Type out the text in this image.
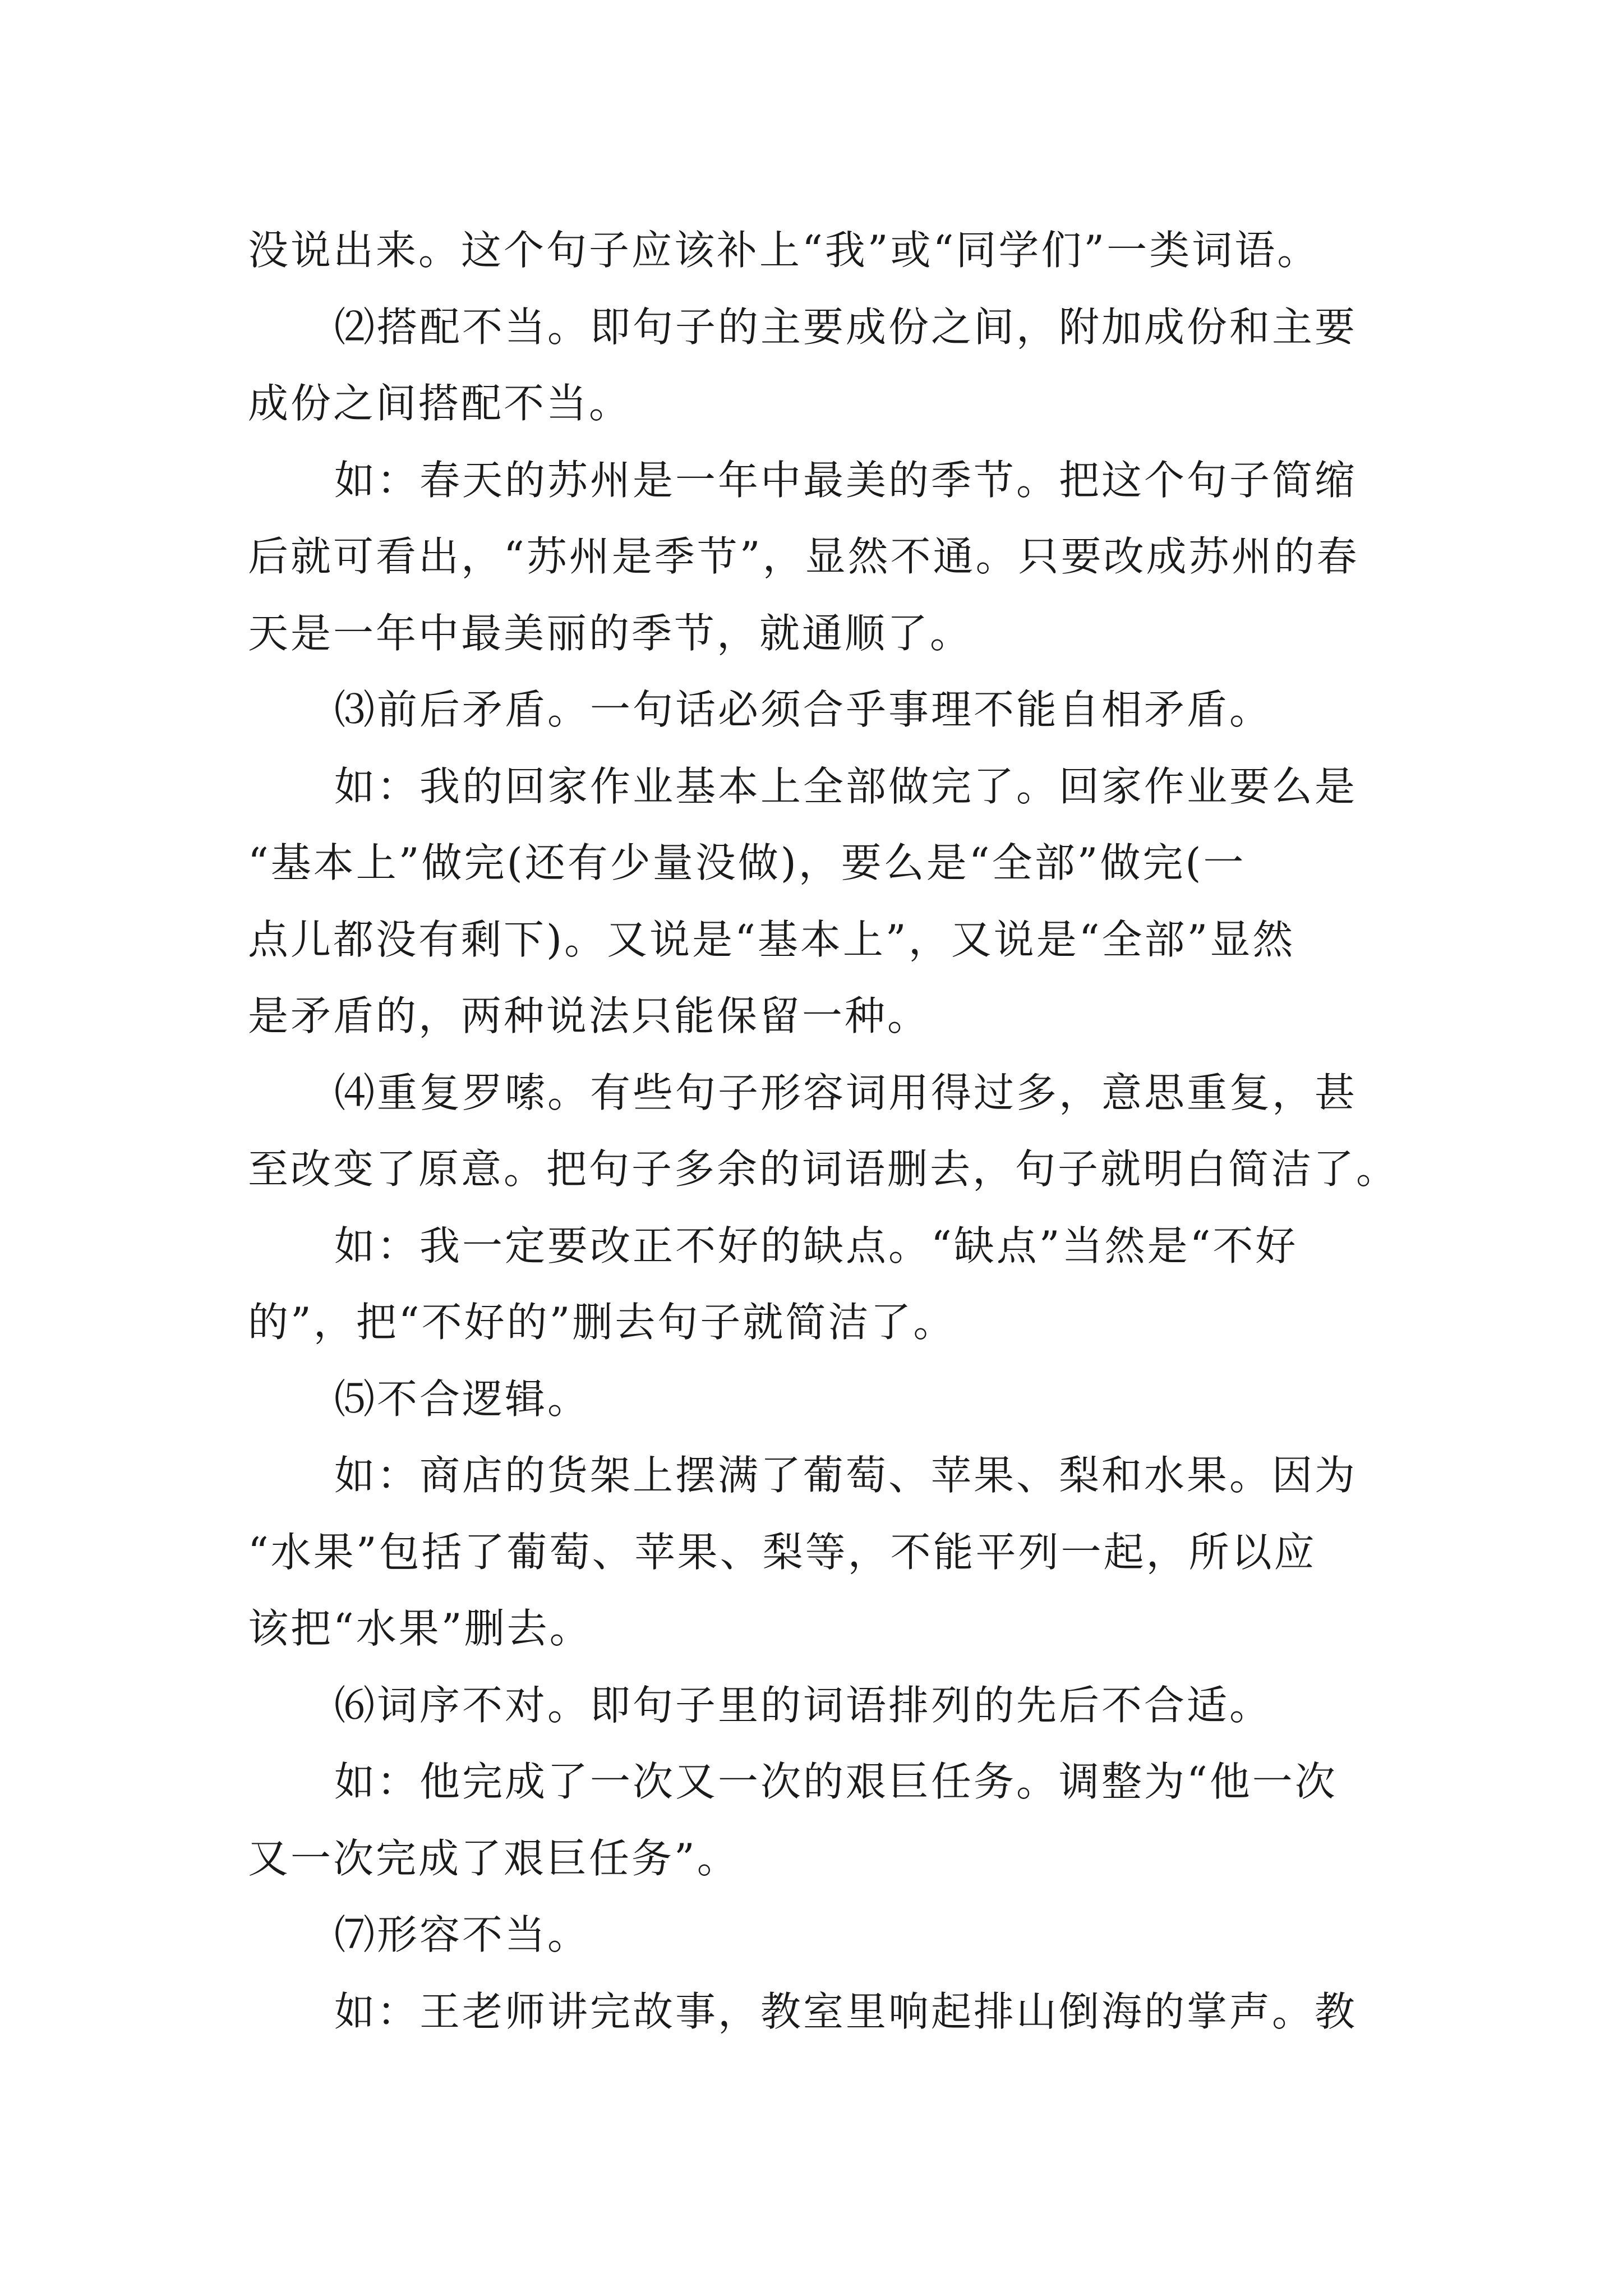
没说出来。这个句子应该补上“我”或“同学们”一类词语。
⑵搭配不当。即句子的主要成份之间，附加成份和主要
成份之间搭配不当。
如：春天的苏州是一年中最美的季节。把这个句子简缩
后就可看出，“苏州是季节”，显然不通。只要改成苏州的春
天是一年中最美丽的季节，就通顺了。
⑶前后矛盾。一句话必须合乎事理不能自相矛盾。
如：我的回家作业基本上全部做完了。回家作业要么是
“基本上”做完(还有少量没做)，要么是“全部”做完(一
点儿都没有剩下)。又说是“基本上”，又说是“全部”显然
是矛盾的，两种说法只能保留一种。
⑷重复罗嗦。有些句子形容词用得过多，意思重复，甚
至改变了原意。把句子多余的词语删去，句子就明白简洁了。
如：我一定要改正不好的缺点。“缺点”当然是“不好
的”，把“不好的”删去句子就简洁了。
⑸不合逻辑。
如：商店的货架上摆满了葡萄、苹果、梨和水果。因为
“水果”包括了葡萄、苹果、梨等，不能平列一起，所以应
该把“水果”删去。
⑹词序不对。即句子里的词语排列的先后不合适。
如：他完成了一次又一次的艰巨任务。调整为“他一次
又一次完成了艰巨任务”。
⑺形容不当。
如：王老师讲完故事，教室里响起排山倒海的掌声。教
